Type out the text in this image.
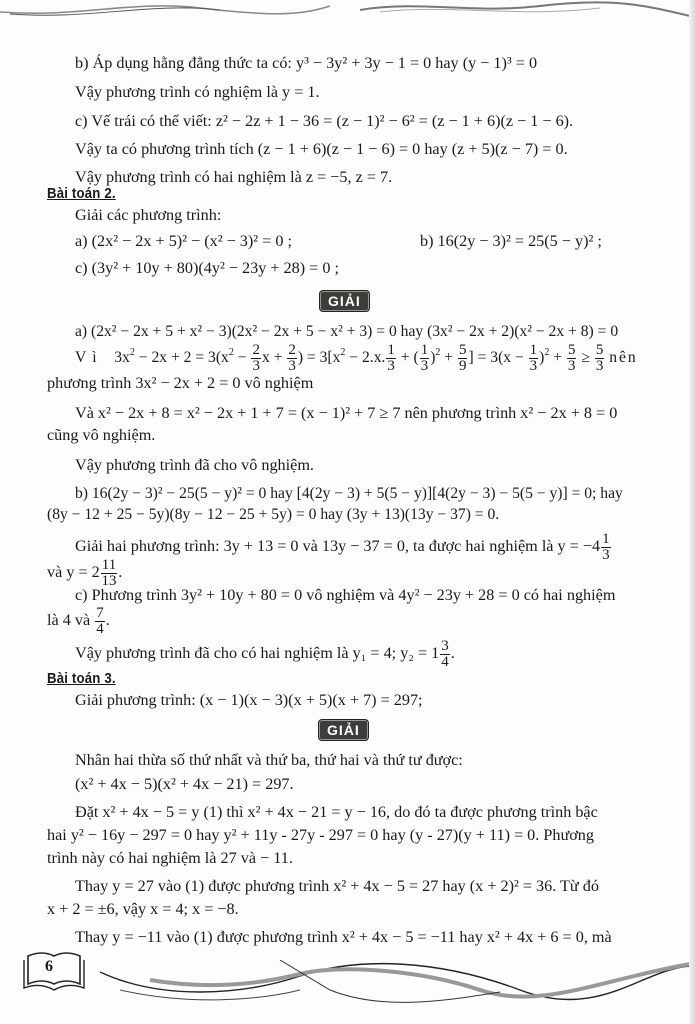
b) Áp dụng hằng đẳng thức ta có: y³ − 3y² + 3y − 1 = 0 hay (y − 1)³ = 0
Vậy phương trình có nghiệm là y = 1.
c) Vế trái có thể viết: z² − 2z + 1 − 36 = (z − 1)² − 6² = (z − 1 + 6)(z − 1 − 6).
Vậy ta có phương trình tích (z − 1 + 6)(z − 1 − 6) = 0 hay (z + 5)(z − 7) = 0.
Vậy phương trình có hai nghiệm là z = −5, z = 7.
Bài toán 2.
Giải các phương trình:
a) (2x² − 2x + 5)² − (x² − 3)² = 0 ;	b) 16(2y − 3)² = 25(5 − y)² ;
c) (3y² + 10y + 80)(4y² − 23y + 28) = 0 ;
GIẢI
a) (2x² − 2x + 5 + x² − 3)(2x² − 2x + 5 − x² + 3) = 0 hay (3x² − 2x + 2)(x² − 2x + 8) = 0
Vì   $3x^2 - 2x + 2 = 3(x^2 - \frac{2}{3}$ $x + \frac{2}{3}$ ) = $3[x^2 - 2.x$. $\frac{1}{3}$ + ( $\frac{1}{3} )^2 + \frac{5}{9}$ ] = $3(x - \frac{1}{3} )^2 + \frac{5}{3} \ge \frac{5}{3}$ nên
phương trình 3x² − 2x + 2 = 0 vô nghiệm
Và x² − 2x + 8 = x² − 2x + 1 + 7 = (x − 1)² + 7 ≥ 7 nên phương trình x² − 2x + 8 = 0
cũng vô nghiệm.
Vậy phương trình đã cho vô nghiệm.
b) 16(2y − 3)² − 25(5 − y)² = 0 hay [4(2y − 3) + 5(5 − y)][4(2y − 3) − 5(5 − y)] = 0; hay
(8y − 12 + 25 − 5y)(8y − 12 − 25 + 5y) = 0 hay (3y + 13)(13y − 37) = 0.
Giải hai phương trình: 3y + 13 = 0 và 13y − 37 = 0, ta được hai nghiệm là $y = -4 \frac{1}{3}$
và $y = 2 \frac{11}{13}$ .
c) Phương trình 3y² + 10y + 80 = 0 vô nghiệm và 4y² − 23y + 28 = 0 có hai nghiệm
là 4 và $\frac{7}{4}$ .
Vậy phương trình đã cho có hai nghiệm là y₁ = 4; $y_2 = 1 \frac{3}{4}$ .
Bài toán 3.
Giải phương trình: (x − 1)(x − 3)(x + 5)(x + 7) = 297;
GIẢI
Nhân hai thừa số thứ nhất và thứ ba, thứ hai và thứ tư được:
(x² + 4x − 5)(x² + 4x − 21) = 297.
Đặt x² + 4x − 5 = y (1) thì x² + 4x − 21 = y − 16, do đó ta được phương trình bậc
hai y² − 16y − 297 = 0 hay y² + 11y - 27y - 297 = 0 hay (y - 27)(y + 11) = 0. Phương
trình này có hai nghiệm là 27 và − 11.
Thay y = 27 vào (1) được phương trình x² + 4x − 5 = 27 hay (x + 2)² = 36. Từ đó
x + 2 = ±6, vậy x = 4; x = −8.
Thay y = −11 vào (1) được phương trình x² + 4x − 5 = −11 hay x² + 4x + 6 = 0, mà
6
